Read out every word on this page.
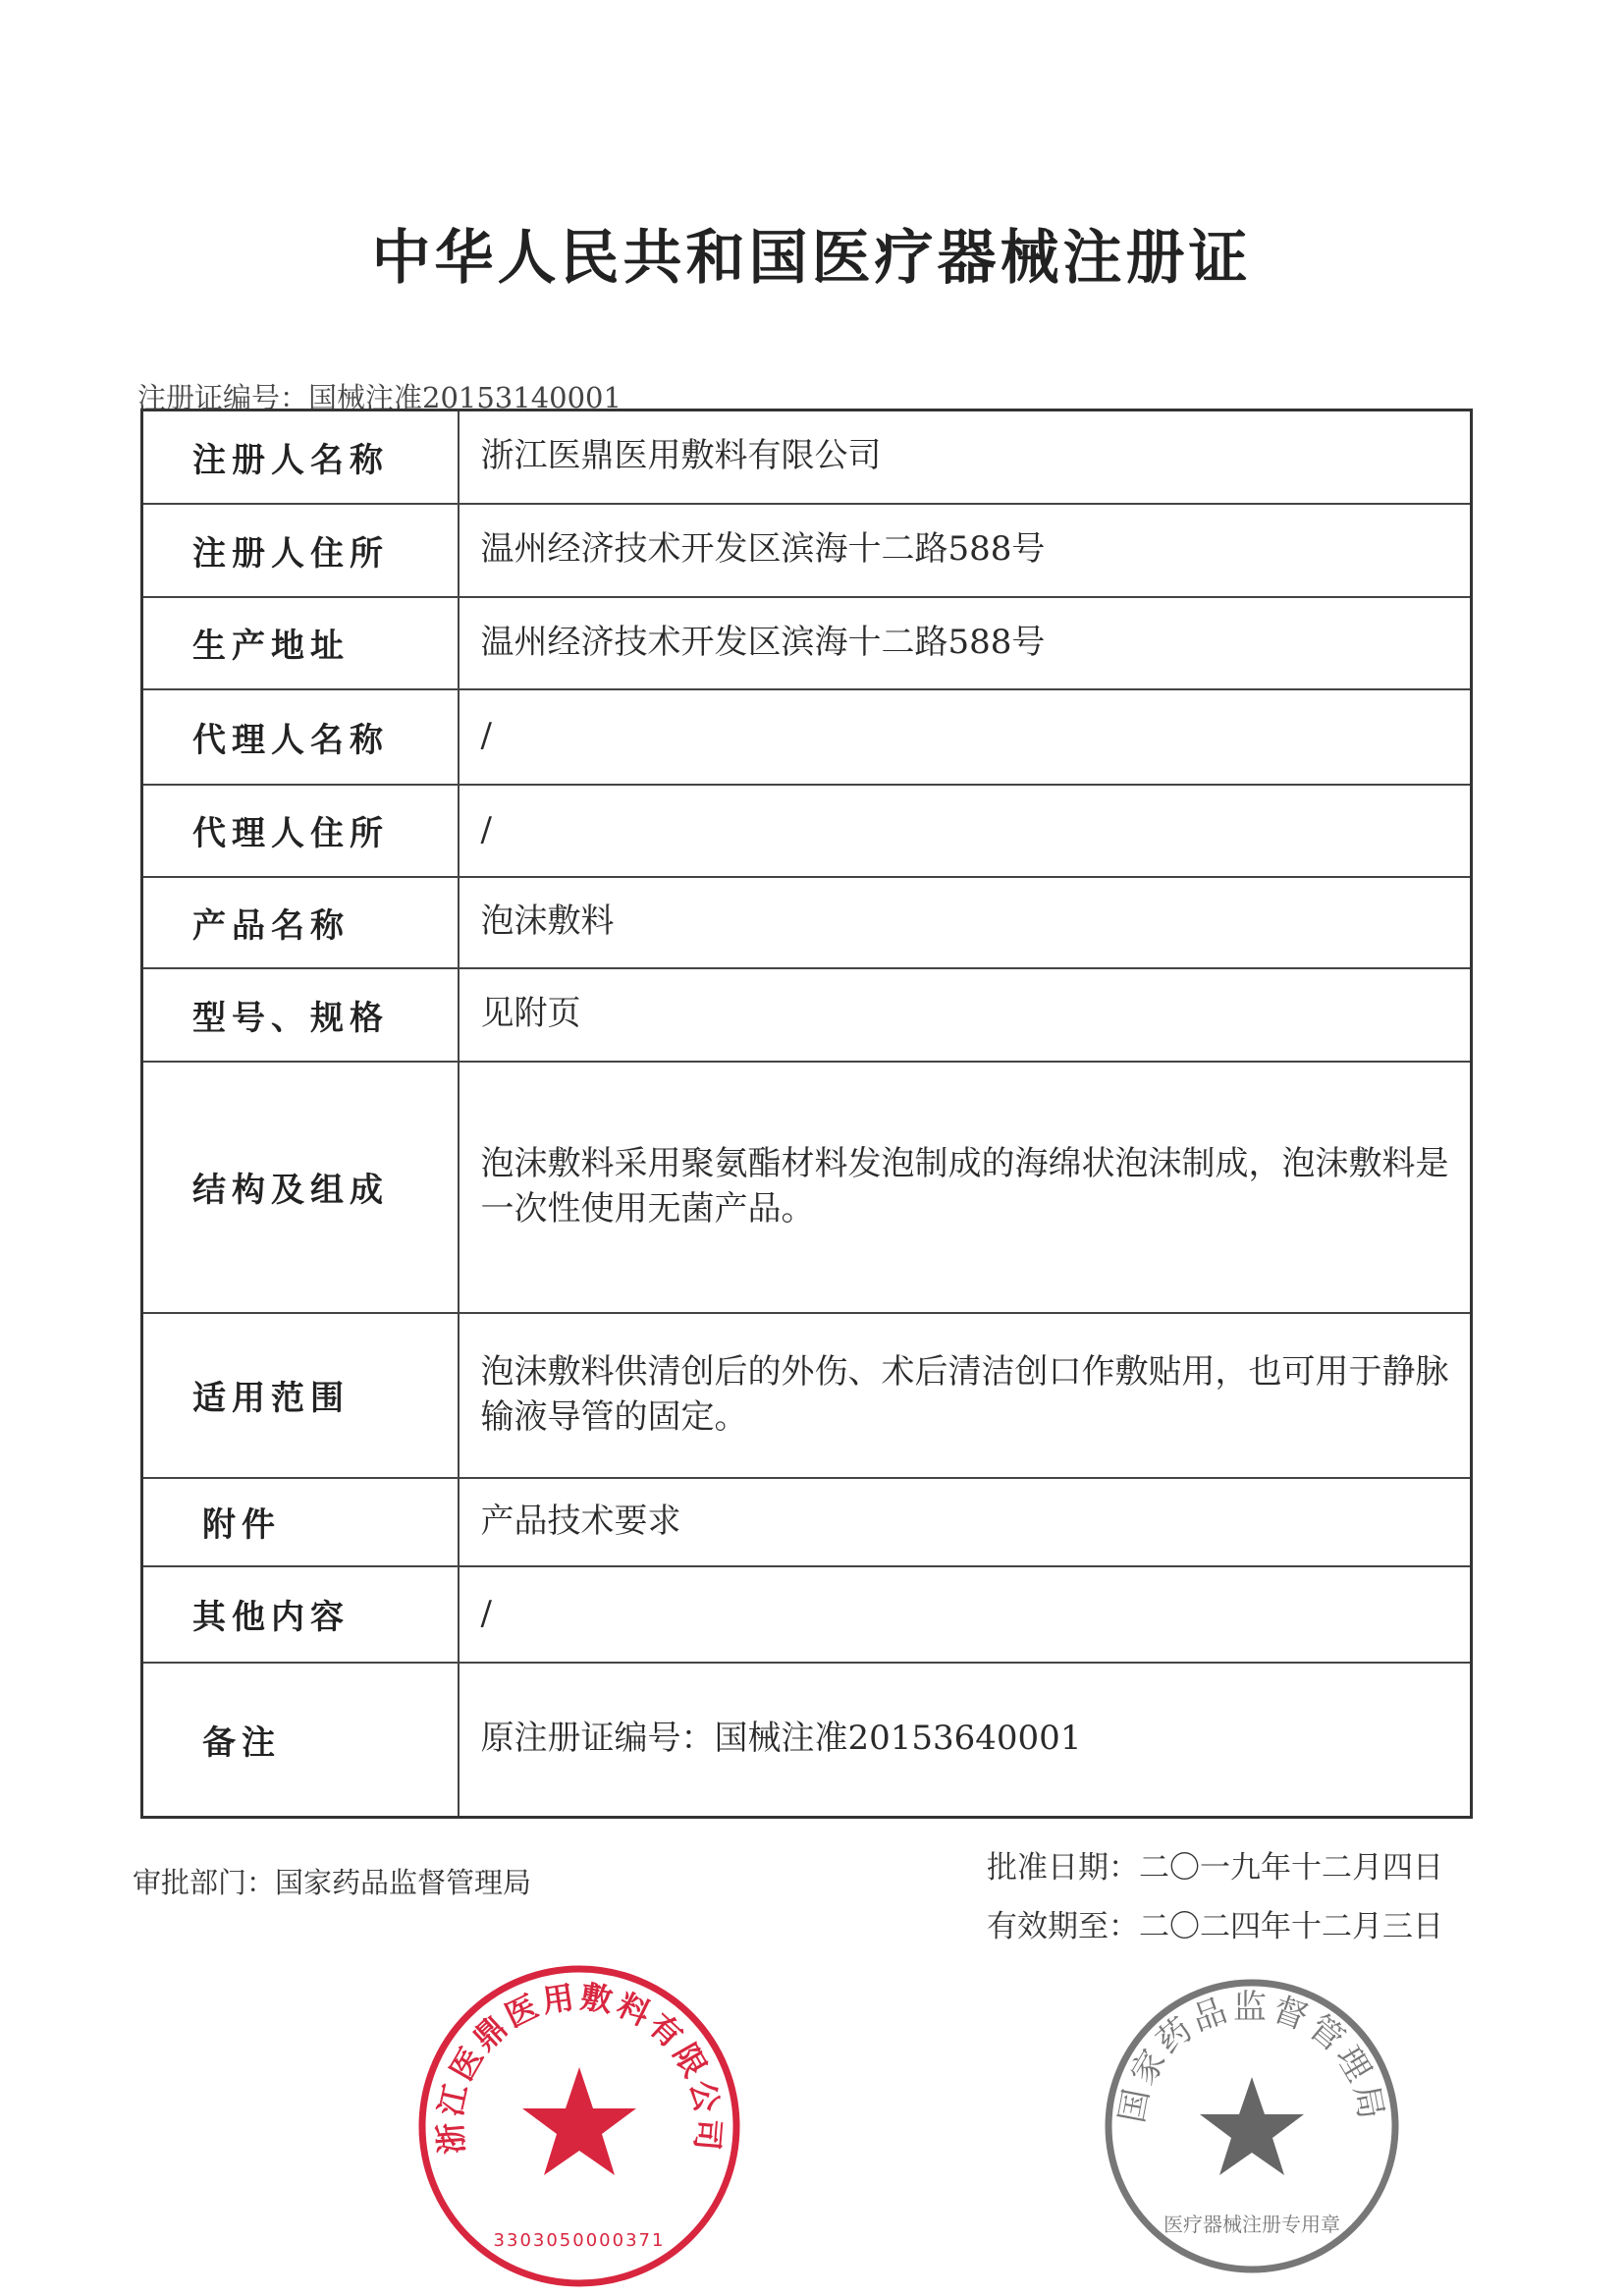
中华人民共和国医疗器械注册证
注册证编号：国械注准20153140001
注册人名称	浙江医鼎医用敷料有限公司
注册人住所	温州经济技术开发区滨海十二路588号
生产地址	温州经济技术开发区滨海十二路588号
代理人名称	/
代理人住所	/
产品名称	泡沫敷料
型号、规格	见附页
结构及组成	泡沫敷料采用聚氨酯材料发泡制成的海绵状泡沫制成，泡沫敷料是一次性使用无菌产品。
适用范围	泡沫敷料供清创后的外伤、术后清洁创口作敷贴用，也可用于静脉输液导管的固定。
附件	产品技术要求
其他内容	/
备注	原注册证编号：国械注准20153640001
审批部门：国家药品监督管理局	批准日期：二〇一九年十二月四日
有效期至：二〇二四年十二月三日
浙江医鼎医用敷料有限公司
3303050000371
国家药品监督管理局
医疗器械注册专用章
